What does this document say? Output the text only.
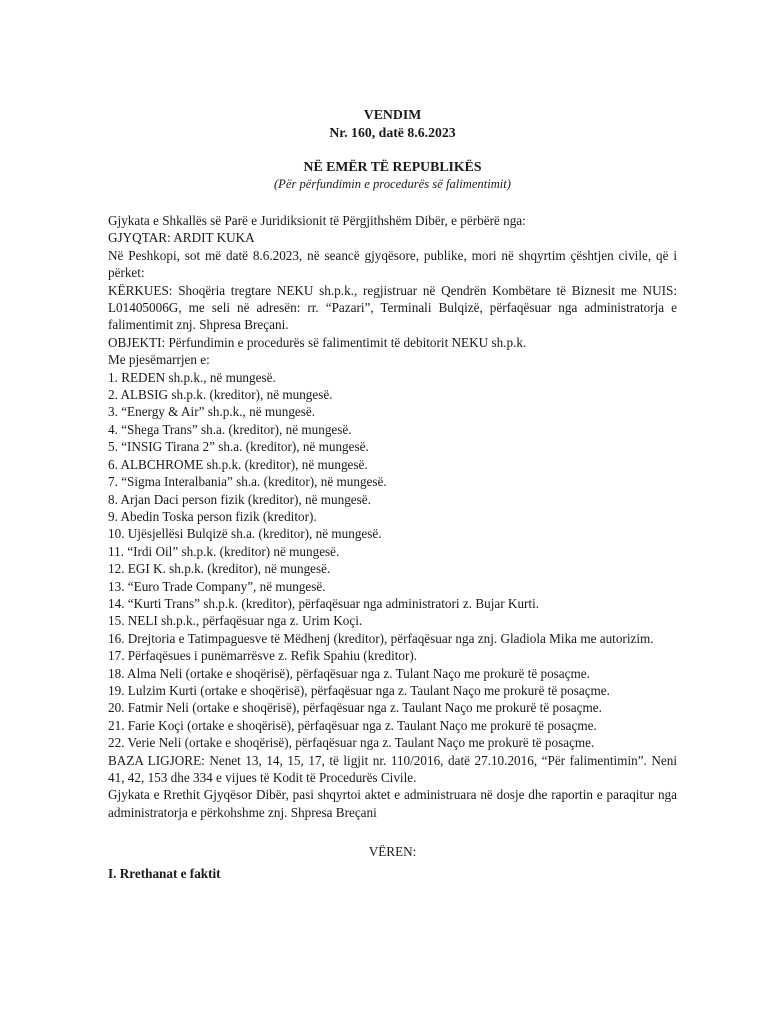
VENDIM

Nr. 160, datë 8.6.2023

NË EMËR TË REPUBLIKËS

(Për përfundimin e procedurës së falimentimit)

Gjykata e Shkallës së Parë e Juridiksionit të Përgjithshëm Dibër, e përbërë nga:

GJYQTAR: ARDIT KUKA

Në Peshkopi, sot më datë 8.6.2023, në seancë gjyqësore, publike, mori në shqyrtim çështjen civile, që i përket:

KËRKUES: Shoqëria tregtare NEKU sh.p.k., regjistruar në Qendrën Kombëtare të Biznesit me NUIS: L01405006G, me seli në adresën: rr. “Pazari”, Terminali Bulqizë, përfaqësuar nga administratorja e falimentimit znj. Shpresa Breçani.

OBJEKTI: Përfundimin e procedurës së falimentimit të debitorit NEKU sh.p.k.

Me pjesëmarrjen e:

1. REDEN sh.p.k., në mungesë.
2. ALBSIG sh.p.k. (kreditor), në mungesë.
3. “Energy & Air” sh.p.k., në mungesë.
4. “Shega Trans” sh.a. (kreditor), në mungesë.
5. “INSIG Tirana 2” sh.a. (kreditor), në mungesë.
6. ALBCHROME sh.p.k. (kreditor), në mungesë.
7. “Sigma Interalbania” sh.a. (kreditor), në mungesë.
8. Arjan Daci person fizik (kreditor), në mungesë.
9. Abedin Toska person fizik (kreditor).
10. Ujësjellësi Bulqizë sh.a. (kreditor), në mungesë.
11. “Irdi Oil” sh.p.k. (kreditor) në mungesë.
12. EGI K. sh.p.k. (kreditor), në mungesë.
13. “Euro Trade Company”, në mungesë.
14. “Kurti Trans” sh.p.k. (kreditor), përfaqësuar nga administratori z. Bujar Kurti.
15. NELI sh.p.k., përfaqësuar nga z. Urim Koçi.
16. Drejtoria e Tatimpaguesve të Mëdhenj (kreditor), përfaqësuar nga znj. Gladiola Mika me autorizim.
17. Përfaqësues i punëmarrësve z. Refik Spahiu (kreditor).
18. Alma Neli (ortake e shoqërisë), përfaqësuar nga z. Tulant Naço me prokurë të posaçme.
19. Lulzim Kurti (ortake e shoqërisë), përfaqësuar nga z. Taulant Naço me prokurë të posaçme.
20. Fatmir Neli (ortake e shoqërisë), përfaqësuar nga z. Taulant Naço me prokurë të posaçme.
21. Farie Koçi (ortake e shoqërisë), përfaqësuar nga z. Taulant Naço me prokurë të posaçme.
22. Verie Neli (ortake e shoqërisë), përfaqësuar nga z. Taulant Naço me prokurë të posaçme.

BAZA LIGJORE: Nenet 13, 14, 15, 17, të ligjit nr. 110/2016, datë 27.10.2016, “Për falimentimin”. Neni 41, 42, 153 dhe 334 e vijues të Kodit të Procedurës Civile.

Gjykata e Rrethit Gjyqësor Dibër, pasi shqyrtoi aktet e administruara në dosje dhe raportin e paraqitur nga administratorja e përkohshme znj. Shpresa Breçani

VËREN:

I. Rrethanat e faktit
